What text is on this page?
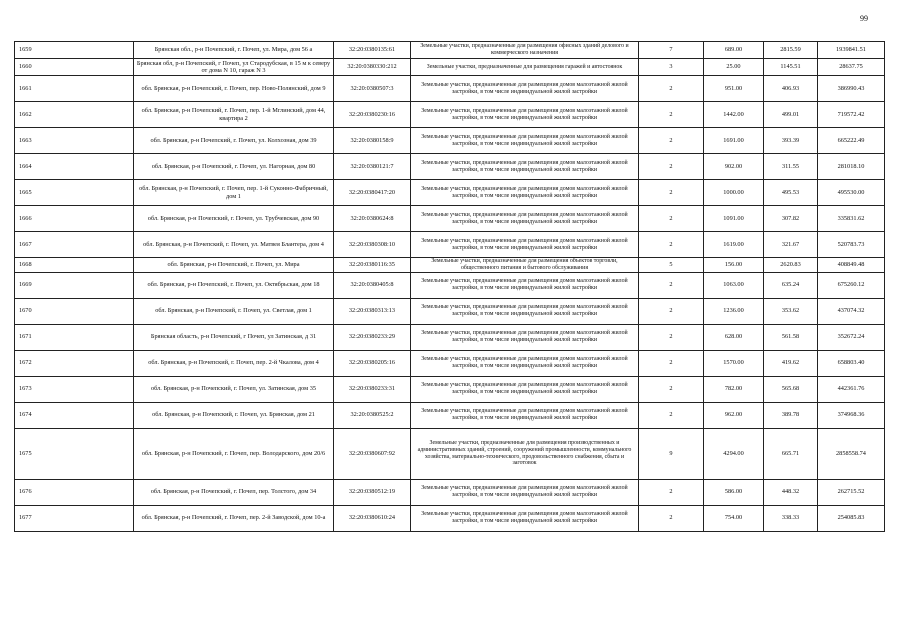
99
1659	Брянская обл., р-н Почепский, г. Почеп, ул. Мира, дом 56 а	32:20:0380135:61	Земельные участки, предназначенные для размещения офисных зданий делового и коммерческого назначения	7	689.00	2815.59	1939841.51
1660	Брянская обл, р-н Почепский, г Почеп, ул Стародубская, в 15 м к северу от дома N 10, гараж N 3	32:20:0380330:212	Земельные участки, предназначенные для размещения гаражей и автостоянок	3	25.00	1145.51	28637.75
1661	обл. Брянская, р-н Почепский, г. Почеп, пер. Ново-Полянский, дом 9	32:20:0380507:3	Земельные участки, предназначенные для размещения домов малоэтажной жилой застройки, в том числе индивидуальной жилой застройки	2	951.00	406.93	386990.43
1662	обл. Брянская, р-н Почепский, г. Почеп, пер. 1-й Мглинский, дом 44, квартира 2	32:20:0380230:16	Земельные участки, предназначенные для размещения домов малоэтажной жилой застройки, в том числе индивидуальной жилой застройки	2	1442.00	499.01	719572.42
1663	обл. Брянская, р-н Почепский, г. Почеп, ул. Колхозная, дом 39	32:20:0380158:9	Земельные участки, предназначенные для размещения домов малоэтажной жилой застройки, в том числе индивидуальной жилой застройки	2	1691.00	393.39	665222.49
1664	обл. Брянская, р-н Почепский, г. Почеп, ул. Нагорная, дом 80	32:20:0380121:7	Земельные участки, предназначенные для размещения домов малоэтажной жилой застройки, в том числе индивидуальной жилой застройки	2	902.00	311.55	281018.10
1665	обл. Брянская, р-н Почепский, г. Почеп, пер. 1-й Суконно-Фабричный, дом 1	32:20:0380417:20	Земельные участки, предназначенные для размещения домов малоэтажной жилой застройки, в том числе индивидуальной жилой застройки	2	1000.00	495.53	495530.00
1666	обл. Брянская, р-н Почепский, г. Почеп, ул. Трубчевская, дом 90	32:20:0380624:8	Земельные участки, предназначенные для размещения домов малоэтажной жилой застройки, в том числе индивидуальной жилой застройки	2	1091.00	307.82	335831.62
1667	обл. Брянская, р-н Почепский, г. Почеп, ул. Матвея Блантера, дом 4	32:20:0380308:10	Земельные участки, предназначенные для размещения домов малоэтажной жилой застройки, в том числе индивидуальной жилой застройки	2	1619.00	321.67	520783.73
1668	обл. Брянская, р-н Почепский, г. Почеп, ул. Мира	32:20:0380116:35	Земельные участки, предназначенные для размещения объектов торговли, общественного питания и бытового обслуживания	5	156.00	2620.83	408849.48
1669	обл. Брянская, р-н Почепский, г. Почеп, ул. Октябрьская, дом 18	32:20:0380405:8	Земельные участки, предназначенные для размещения домов малоэтажной жилой застройки, в том числе индивидуальной жилой застройки	2	1063.00	635.24	675260.12
1670	обл. Брянская, р-н Почепский, г. Почеп, ул. Светлая, дом 1	32:20:0380313:13	Земельные участки, предназначенные для размещения домов малоэтажной жилой застройки, в том числе индивидуальной жилой застройки	2	1236.00	353.62	437074.32
1671	Брянская область, р-н Почепский, г Почеп, ул Затинская, д 31	32:20:0380233:29	Земельные участки, предназначенные для размещения домов малоэтажной жилой застройки, в том числе индивидуальной жилой застройки	2	628.00	561.58	352672.24
1672	обл. Брянская, р-н Почепский, г. Почеп, пер. 2-й Чкалова, дом 4	32:20:0380205:16	Земельные участки, предназначенные для размещения домов малоэтажной жилой застройки, в том числе индивидуальной жилой застройки	2	1570.00	419.62	658803.40
1673	обл. Брянская, р-н Почепский, г. Почеп, ул. Затинская, дом 35	32:20:0380233:31	Земельные участки, предназначенные для размещения домов малоэтажной жилой застройки, в том числе индивидуальной жилой застройки	2	782.00	565.68	442361.76
1674	обл. Брянская, р-н Почепский, г. Почеп, ул. Брянская, дом 21	32:20:0380525:2	Земельные участки, предназначенные для размещения домов малоэтажной жилой застройки, в том числе индивидуальной жилой застройки	2	962.00	389.78	374968.36
1675	обл. Брянская, р-н Почепский, г. Почеп, пер. Володарского, дом 20/6	32:20:0380607:92	Земельные участки, предназначенные для размещения производственных и административных зданий, строений, сооружений промышленности, коммунального хозяйства, материально-технического, продовольственного снабжения, сбыта и заготовок	9	4294.00	665.71	2858558.74
1676	обл. Брянская, р-н Почепский, г. Почеп, пер. Толстого, дом 34	32:20:0380512:19	Земельные участки, предназначенные для размещения домов малоэтажной жилой застройки, в том числе индивидуальной жилой застройки	2	586.00	448.32	262715.52
1677	обл. Брянская, р-н Почепский, г. Почеп, пер. 2-й Заводской, дом 10-а	32:20:0380610:24	Земельные участки, предназначенные для размещения домов малоэтажной жилой застройки, в том числе индивидуальной жилой застройки	2	754.00	338.33	254085.83
